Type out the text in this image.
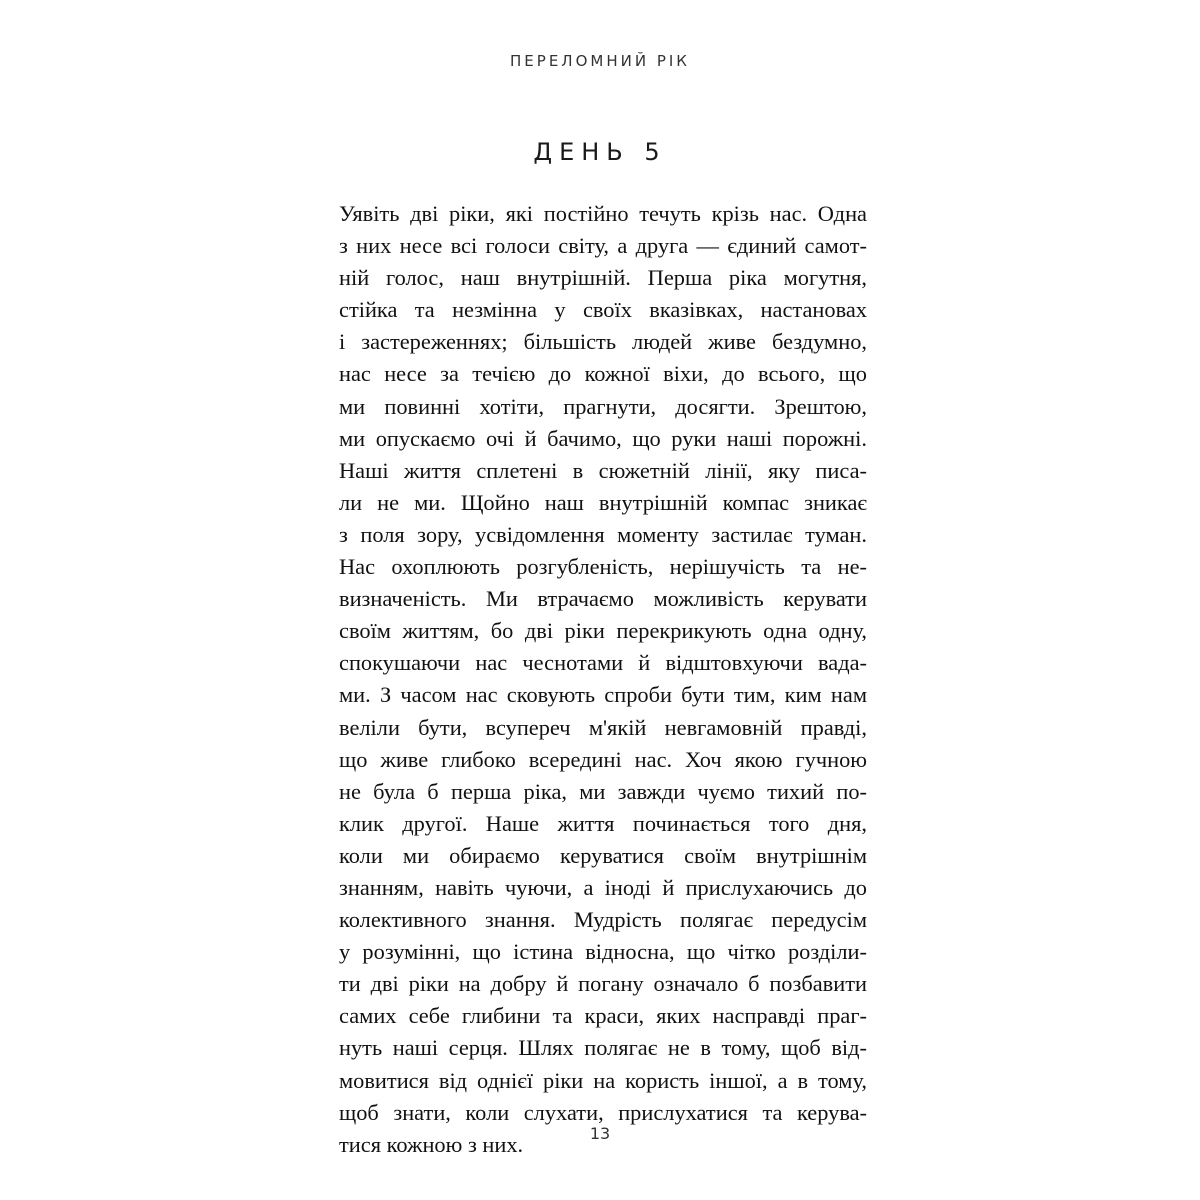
ПЕРЕЛОМНИЙ РІК
ДЕНЬ 5
Уявіть дві ріки, які постійно течуть крізь нас. Одна
з них несе всі голоси світу, а друга — єдиний самот-
ній голос, наш внутрішній. Перша ріка могутня,
стійка та незмінна у своїх вказівках, настановах
і застереженнях; більшість людей живе бездумно,
нас несе за течією до кожної віхи, до всього, що
ми повинні хотіти, прагнути, досягти. Зрештою,
ми опускаємо очі й бачимо, що руки наші порожні.
Наші життя сплетені в сюжетній лінії, яку писа-
ли не ми. Щойно наш внутрішній компас зникає
з поля зору, усвідомлення моменту застилає туман.
Нас охоплюють розгубленість, нерішучість та не-
визначеність. Ми втрачаємо можливість керувати
своїм життям, бо дві ріки перекрикують одна одну,
спокушаючи нас чеснотами й відштовхуючи вада-
ми. З часом нас сковують спроби бути тим, ким нам
веліли бути, всупереч м'якій невгамовній правді,
що живе глибоко всередині нас. Хоч якою гучною
не була б перша ріка, ми завжди чуємо тихий по-
клик другої. Наше життя починається того дня,
коли ми обираємо керуватися своїм внутрішнім
знанням, навіть чуючи, а іноді й прислухаючись до
колективного знання. Мудрість полягає передусім
у розумінні, що істина відносна, що чітко розділи-
ти дві ріки на добру й погану означало б позбавити
самих себе глибини та краси, яких насправді праг-
нуть наші серця. Шлях полягає не в тому, щоб від-
мовитися від однієї ріки на користь іншої, а в тому,
щоб знати, коли слухати, прислухатися та керува-
тися кожною з них.	13
